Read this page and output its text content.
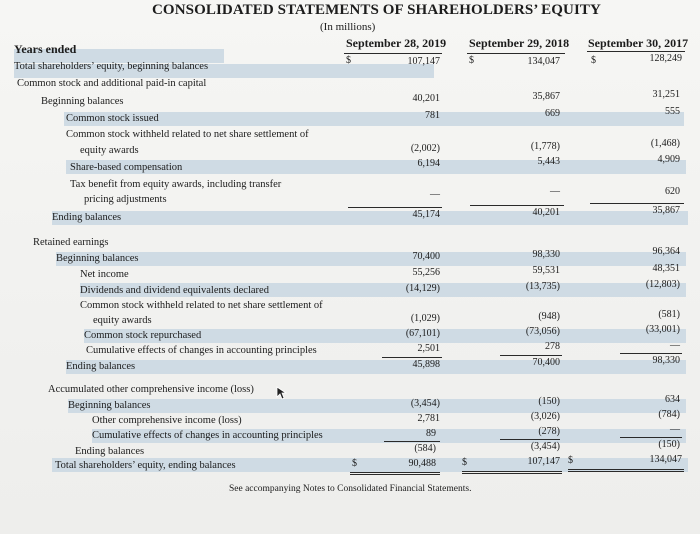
CONSOLIDATED STATEMENTS OF SHAREHOLDERS’ EQUITY
(In millions)
Years ended	September 28, 2019 September 29, 2018 September 30, 2017
$	$	$
Total shareholders’ equity, beginning balances	107,147	134,047	128,249
Common stock and additional paid-in capital
Beginning balances	40,201	35,867	31,251
Common stock issued	781	669	555
Common stock withheld related to net share settlement of
equity awards	(2,002)	(1,778)	(1,468)
Share-based compensation	6,194	5,443	4,909
Tax benefit from equity awards, including transfer
pricing adjustments	—	—	620
Ending balances	45,174	40,201	35,867
Retained earnings
Beginning balances	70,400	98,330	96,364
Net income	55,256	59,531	48,351
Dividends and dividend equivalents declared	(14,129)	(13,735)	(12,803)
Common stock withheld related to net share settlement of
equity awards	(1,029)	(948)	(581)
Common stock repurchased	(67,101)	(73,056)	(33,001)
Cumulative effects of changes in accounting principles	2,501	278	—
Ending balances	45,898	70,400	98,330
Accumulated other comprehensive income (loss)
Beginning balances	(3,454)	(150)	634
Other comprehensive income (loss)	2,781	(3,026)	(784)
Cumulative effects of changes in accounting principles	89	(278)	—
Ending balances	(584)	(3,454)	(150)
Total shareholders’ equity, ending balances	$	90,488	$	107,147 $	134,047
See accompanying Notes to Consolidated Financial Statements.
